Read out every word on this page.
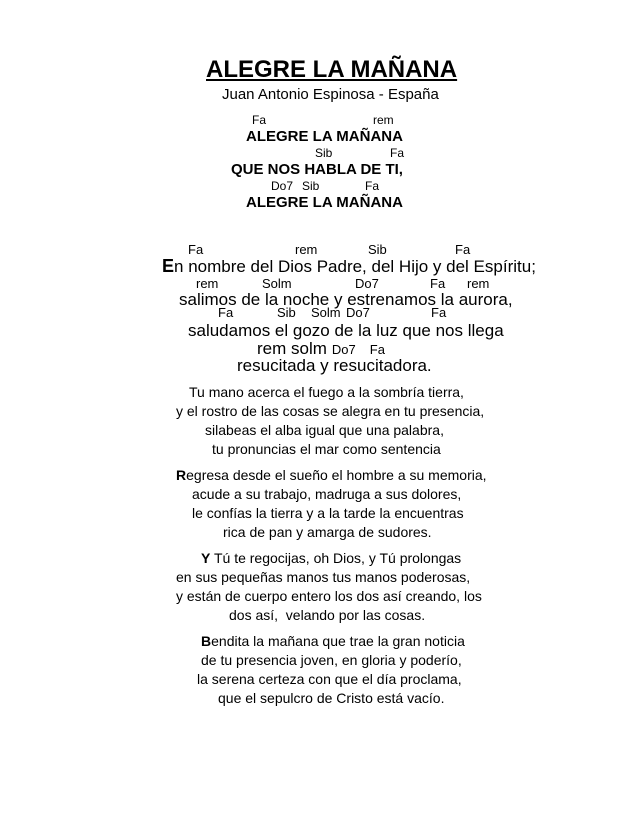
ALEGRE LA MAÑANA
Juan Antonio Espinosa - España
Fa	rem
ALEGRE LA MAÑANA
Sib	Fa
QUE NOS HABLA DE TI,
Do7 Sib	Fa
ALEGRE LA MAÑANA
Fa	rem	Sib	Fa
En nombre del Dios Padre, del Hijo y del Espíritu;
rem	Solm	Do7	Fa rem
salimos de la noche y estrenamos la aurora,
Fa	Sib Solm Do7	Fa
saludamos el gozo de la luz que nos llega
rem solm Do7 Fa
resucitada y resucitadora.
Tu mano acerca el fuego a la sombría tierra,
y el rostro de las cosas se alegra en tu presencia,
silabeas el alba igual que una palabra,
tu pronuncias el mar como sentencia
Regresa desde el sueño el hombre a su memoria,
acude a su trabajo, madruga a sus dolores,
le confías la tierra y a la tarde la encuentras
rica de pan y amarga de sudores.
Y Tú te regocijas, oh Dios, y Tú prolongas
en sus pequeñas manos tus manos poderosas,
y están de cuerpo entero los dos así creando, los
dos así,  velando por las cosas.
Bendita la mañana que trae la gran noticia
de tu presencia joven, en gloria y poderío,
la serena certeza con que el día proclama,
que el sepulcro de Cristo está vacío.
